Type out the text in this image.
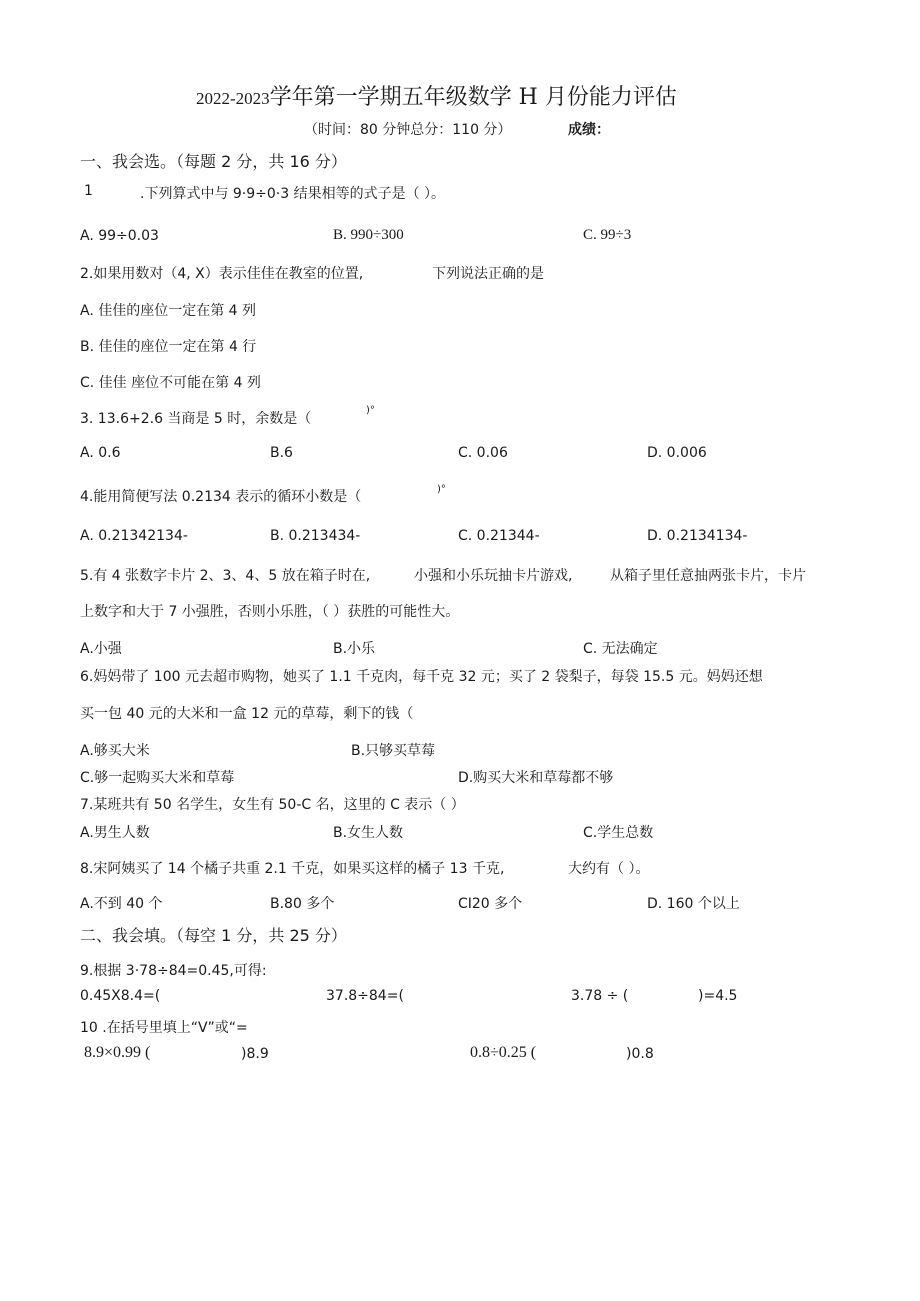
2022-2023学年第一学期五年级数学 H 月份能力评估
（时间：80 分钟总分：110 分）	成绩：
一、我会选。（每题 2 分，共 16 分）
1	.下列算式中与 9·9÷0·3 结果相等的式子是（ ）。
A. 99÷0.03	B. 990÷300	C. 99÷3
2.如果用数对（4, X）表示佳佳在教室的位置,	下列说法正确的是
A. 佳佳的座位一定在第 4 列
B. 佳佳的座位一定在第 4 行
C. 佳佳 座位不可能在第 4 列
3. 13.6+2.6 当商是 5 时，余数是（
)°
A. 0.6	B.6	C. 0.06	D. 0.006
4.能用简便写法 0.2134 表示的循环小数是（	)°
A. 0.21342134-	B. 0.213434-	C. 0.21344-	D. 0.2134134-
5.有 4 张数字卡片 2、3、4、5 放在箱子时在,	小强和小乐玩抽卡片游戏,	从箱子里任意抽两张卡片，卡片
上数字和大于 7 小强胜，否则小乐胜，（ ）获胜的可能性大。
A.小强	B.小乐	C. 无法确定
6.妈妈带了 100 元去超市购物，她买了 1.1 千克肉，每千克 32 元；买了 2 袋梨子，每袋 15.5 元。妈妈还想
买一包 40 元的大米和一盒 12 元的草莓，剩下的钱（
A.够买大米	B.只够买草莓
C.够一起购买大米和草莓	D.购买大米和草莓都不够
7.某班共有 50 名学生，女生有 50-C 名，这里的 C 表示（ ）
A.男生人数	B.女生人数	C.学生总数
8.宋阿姨买了 14 个橘子共重 2.1 千克，如果买这样的橘子 13 千克,	大约有（ ）。
A.不到 40 个	B.80 多个	CI20 多个	D. 160 个以上
二、我会填。（每空 1 分，共 25 分）
9.根据 3·78÷84=0.45,可得:
0.45X8.4=(	37.8÷84=(	3.78 ÷ (	)=4.5
10 .在括号里填上“V”或“=
8.9×0.99 (	)8.9	0.8÷0.25 (	)0.8
